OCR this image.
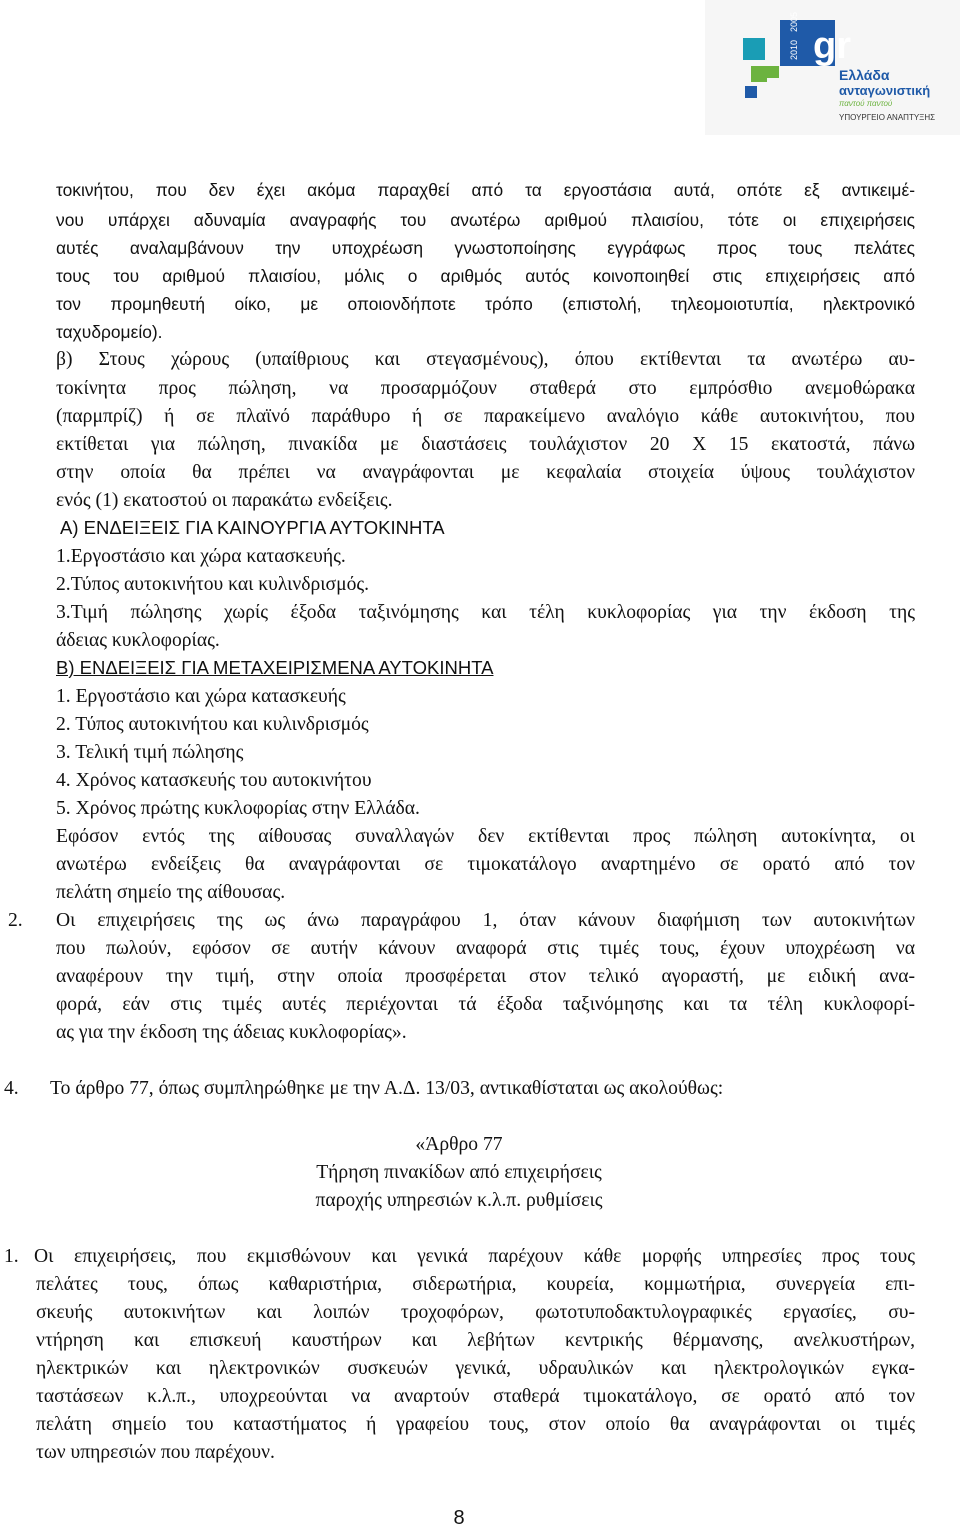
gr
2005
2010
Ελλάδα
ανταγωνιστική
παντού παντού
ΥΠΟΥΡΓΕΙΟ ΑΝΑΠΤΥΞΗΣ
τοκινήτου, που δεν έχει ακόμα παραχθεί από τα εργοστάσια αυτά, οπότε εξ αντικειμέ-
νου υπάρχει αδυναμία αναγραφής του ανωτέρω αριθμού πλαισίου, τότε οι επιχειρήσεις
αυτές αναλαμβάνουν την υποχρέωση γνωστοποίησης εγγράφως προς τους πελάτες
τους του αριθμού πλαισίου, μόλις ο αριθμός αυτός κοινοποιηθεί στις επιχειρήσεις από
τον προμηθευτή οίκο, με οποιονδήποτε τρόπο (επιστολή, τηλεομοιοτυπία, ηλεκτρονικό
ταχυδρομείο).
β) Στους χώρους (υπαίθριους και στεγασμένους), όπου εκτίθενται τα ανωτέρω αυ-
τοκίνητα προς πώληση, να προσαρμόζουν σταθερά στο εμπρόσθιο ανεμοθώρακα
(παρμπρίζ) ή σε πλαϊνό παράθυρο ή σε παρακείμενο αναλόγιο κάθε αυτοκινήτου, που
εκτίθεται για πώληση, πινακίδα με διαστάσεις τουλάχιστον 20 Χ 15 εκατοστά, πάνω
στην οποία θα πρέπει να αναγράφονται με κεφαλαία στοιχεία ύψους τουλάχιστον
ενός (1) εκατοστού οι παρακάτω ενδείξεις.
Α) ΕΝΔΕΙΞΕΙΣ ΓΙΑ ΚΑΙΝΟΥΡΓΙΑ ΑΥΤΟΚΙΝΗΤΑ
1.Εργοστάσιο και χώρα κατασκευής.
2.Τύπος αυτοκινήτου και κυλινδρισμός.
3.Τιμή πώλησης χωρίς έξοδα ταξινόμησης και τέλη κυκλοφορίας για την έκδοση της
άδειας κυκλοφορίας.
Β) ΕΝΔΕΙΞΕΙΣ ΓΙΑ ΜΕΤΑΧΕΙΡΙΣΜΕΝΑ ΑΥΤΟΚΙΝΗΤΑ
1. Εργοστάσιο και χώρα κατασκευής
2. Τύπος αυτοκινήτου και κυλινδρισμός
3. Τελική τιμή πώλησης
4. Χρόνος κατασκευής του αυτοκινήτου
5. Χρόνος πρώτης κυκλοφορίας στην Ελλάδα.
Εφόσον εντός της αίθουσας συναλλαγών δεν εκτίθενται προς πώληση αυτοκίνητα, οι
ανωτέρω ενδείξεις θα αναγράφονται σε τιμοκατάλογο αναρτημένο σε ορατό από τον
πελάτη σημείο της αίθουσας.
2. Οι επιχειρήσεις της ως άνω παραγράφου 1, όταν κάνουν διαφήμιση των αυτοκινήτων
που πωλούν, εφόσον σε αυτήν κάνουν αναφορά στις τιμές τους, έχουν υποχρέωση να
αναφέρουν την τιμή, στην οποία προσφέρεται στον τελικό αγοραστή, με ειδική ανα-
φορά, εάν στις τιμές αυτές περιέχονται τά έξοδα ταξινόμησης και τα τέλη κυκλοφορί-
ας για την έκδοση της άδειας κυκλοφορίας».
4. Το άρθρο 77, όπως συμπληρώθηκε με την Α.Δ. 13/03, αντικαθίσταται ως ακολούθως:
«Άρθρο 77
Τήρηση πινακίδων από επιχειρήσεις
παροχής υπηρεσιών κ.λ.π. ρυθμίσεις
1. Οι επιχειρήσεις, που εκμισθώνουν και γενικά παρέχουν κάθε μορφής υπηρεσίες προς τους
πελάτες τους, όπως καθαριστήρια, σιδερωτήρια, κουρεία, κομμωτήρια, συνεργεία επι-
σκευής αυτοκινήτων και λοιπών τροχοφόρων, φωτοτυποδακτυλογραφικές εργασίες, συ-
ντήρηση και επισκευή καυστήρων και λεβήτων κεντρικής θέρμανσης, ανελκυστήρων,
ηλεκτρικών και ηλεκτρονικών συσκευών γενικά, υδραυλικών και ηλεκτρολογικών εγκα-
ταστάσεων κ.λ.π., υποχρεούνται να αναρτούν σταθερά τιμοκατάλογο, σε ορατό από τον
πελάτη σημείο του καταστήματος ή γραφείου τους, στον οποίο θα αναγράφονται οι τιμές
των υπηρεσιών που παρέχουν.
8
